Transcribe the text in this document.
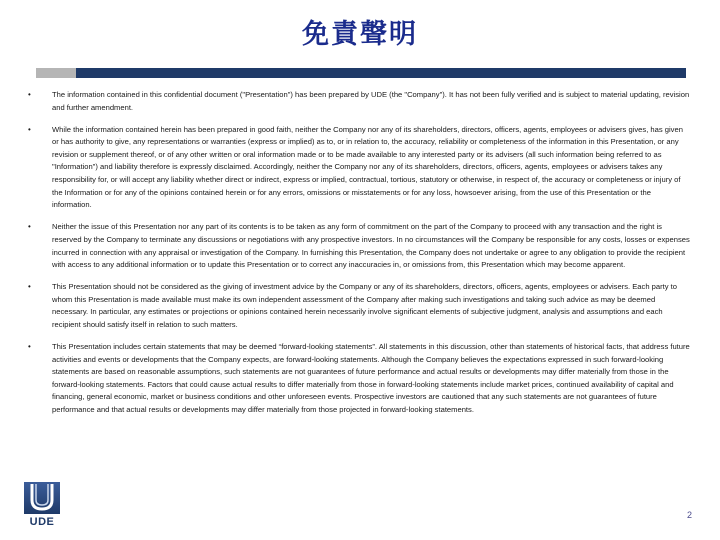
免責聲明
•	The information contained in this confidential document ("Presentation") has been prepared by UDE (the "Company"). It has not been fully verified and is subject to material updating, revision and further amendment.
•	While the information contained herein has been prepared in good faith, neither the Company nor any of its shareholders, directors, officers, agents, employees or advisers gives, has given or has authority to give, any representations or warranties (express or implied) as to, or in relation to, the accuracy, reliability or completeness of the information in this Presentation, or any revision or supplement thereof, or of any other written or oral information made or to be made available to any interested party or its advisers (all such information being referred to as "Information") and liability therefore is expressly disclaimed. Accordingly, neither the Company nor any of its shareholders, directors, officers, agents, employees or advisers takes any responsibility for, or will accept any liability whether direct or indirect, express or implied, contractual, tortious, statutory or otherwise, in respect of, the accuracy or completeness or injury of the Information or for any of the opinions contained herein or for any errors, omissions or misstatements or for any loss, howsoever arising, from the use of this Presentation or the information.
•	Neither the issue of this Presentation nor any part of its contents is to be taken as any form of commitment on the part of the Company to proceed with any transaction and the right is reserved by the Company to terminate any discussions or negotiations with any prospective investors. In no circumstances will the Company be responsible for any costs, losses or expenses incurred in connection with any appraisal or investigation of the Company. In furnishing this Presentation, the Company does not undertake or agree to any obligation to provide the recipient with access to any additional information or to update this Presentation or to correct any inaccuracies in, or omissions from, this Presentation which may become apparent.
•	This Presentation should not be considered as the giving of investment advice by the Company or any of its shareholders, directors, officers, agents, employees or advisers. Each party to whom this Presentation is made available must make its own independent assessment of the Company after making such investigations and taking such advice as may be deemed necessary. In particular, any estimates or projections or opinions contained herein necessarily involve significant elements of subjective judgment, analysis and assumptions and each recipient should satisfy itself in relation to such matters.
•	This Presentation includes certain statements that may be deemed “forward-looking statements”. All statements in this discussion, other than statements of historical facts, that address future activities and events or developments that the Company expects, are forward-looking statements. Although the Company believes the expectations expressed in such forward-looking statements are based on reasonable assumptions, such statements are not guarantees of future performance and actual results or developments may differ materially from those in the forward-looking statements. Factors that could cause actual results to differ materially from those in forward-looking statements include market prices, continued availability of capital and financing, general economic, market or business conditions and other unforeseen events. Prospective investors are cautioned that any such statements are not guarantees of future performance and that actual results or developments may differ materially from those projected in forward-looking statements.
UDE
2
